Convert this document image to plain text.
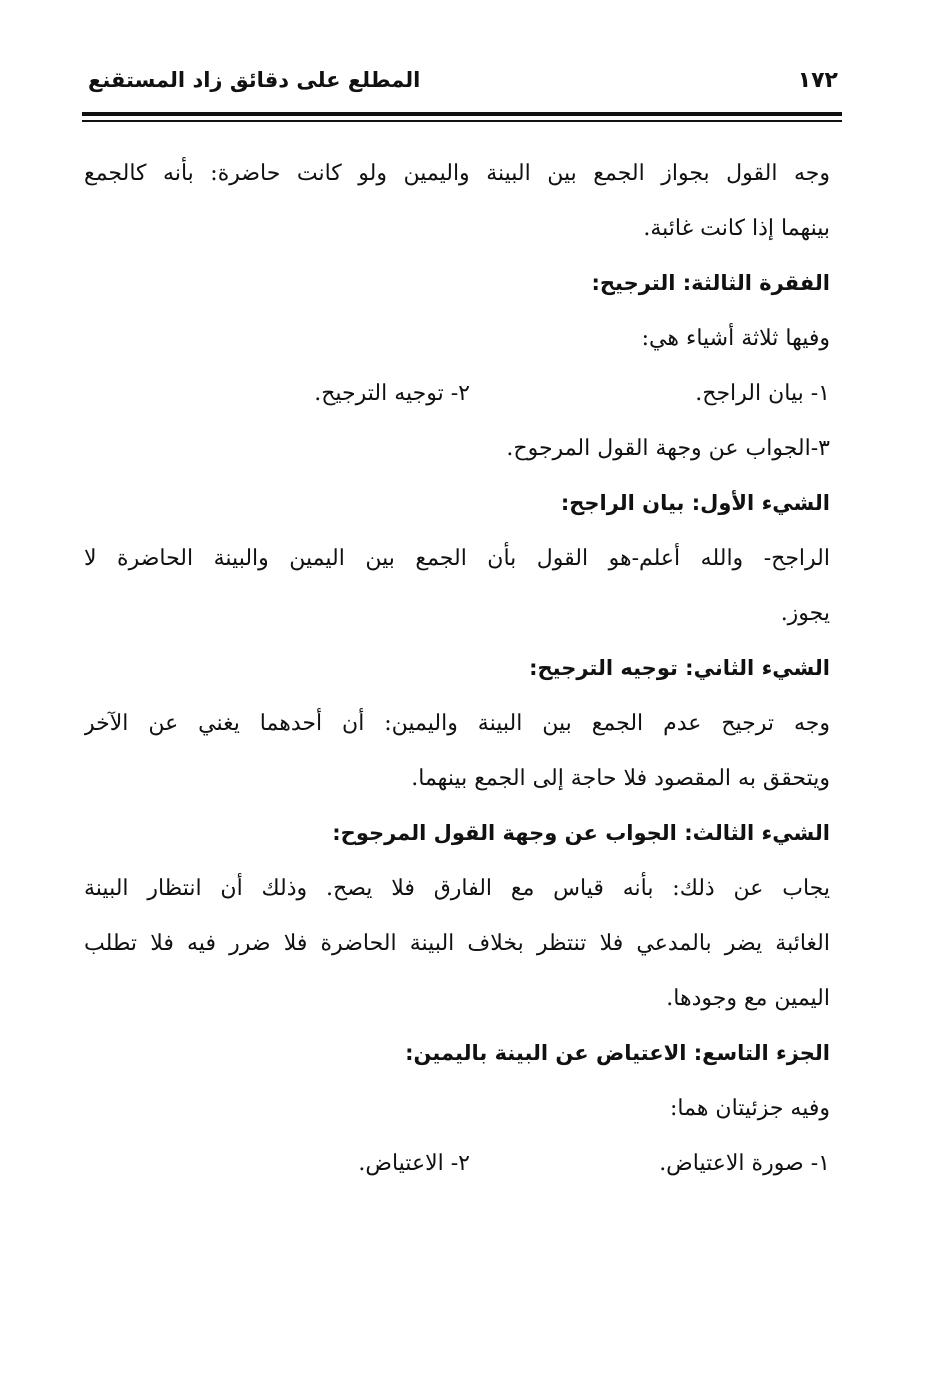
١٧٢
المطلع على دقائق زاد المستقنع
وجه القول بجواز الجمع بين البينة واليمين ولو كانت حاضرة: بأنه كالجمع
بينهما إذا كانت غائبة.
الفقرة الثالثة: الترجيح:
وفيها ثلاثة أشياء هي:
١- بيان الراجح.
٢- توجيه الترجيح.
٣-الجواب عن وجهة القول المرجوح.
الشيء الأول: بيان الراجح:
الراجح- والله أعلم-هو القول بأن الجمع بين اليمين والبينة الحاضرة لا
يجوز.
الشيء الثاني: توجيه الترجيح:
وجه ترجيح عدم الجمع بين البينة واليمين: أن أحدهما يغني عن الآخر
ويتحقق به المقصود فلا حاجة إلى الجمع بينهما.
الشيء الثالث: الجواب عن وجهة القول المرجوح:
يجاب عن ذلك: بأنه قياس مع الفارق فلا يصح. وذلك أن انتظار البينة
الغائبة يضر بالمدعي فلا تنتظر بخلاف البينة الحاضرة فلا ضرر فيه فلا تطلب
اليمين مع وجودها.
الجزء التاسع: الاعتياض عن البينة باليمين:
وفيه جزئيتان هما:
١- صورة الاعتياض.
٢- الاعتياض.
